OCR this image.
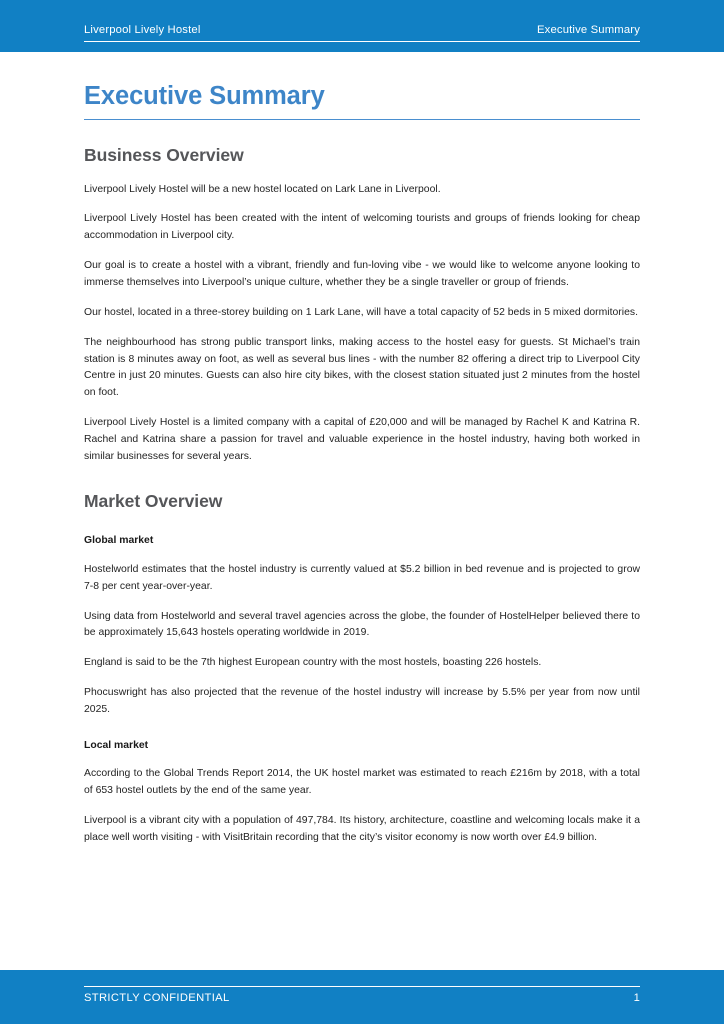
Liverpool Lively Hostel	Executive Summary
Executive Summary
Business Overview

Liverpool Lively Hostel will be a new hostel located on Lark Lane in Liverpool.

Liverpool Lively Hostel has been created with the intent of welcoming tourists and groups of friends looking for cheap accommodation in Liverpool city.

Our goal is to create a hostel with a vibrant, friendly and fun-loving vibe - we would like to welcome anyone looking to immerse themselves into Liverpool’s unique culture, whether they be a single traveller or group of friends.

Our hostel, located in a three-storey building on 1 Lark Lane, will have a total capacity of 52 beds in 5 mixed dormitories.

The neighbourhood has strong public transport links, making access to the hostel easy for guests. St Michael’s train station is 8 minutes away on foot, as well as several bus lines - with the number 82 offering a direct trip to Liverpool City Centre in just 20 minutes. Guests can also hire city bikes, with the closest station situated just 2 minutes from the hostel on foot.

Liverpool Lively Hostel is a limited company with a capital of £20,000 and will be managed by Rachel K and Katrina R. Rachel and Katrina share a passion for travel and valuable experience in the hostel industry, having both worked in similar businesses for several years.

Market Overview
Global market

Hostelworld estimates that the hostel industry is currently valued at $5.2 billion in bed revenue and is projected to grow 7-8 per cent year-over-year.

Using data from Hostelworld and several travel agencies across the globe, the founder of HostelHelper believed there to be approximately 15,643 hostels operating worldwide in 2019.

England is said to be the 7th highest European country with the most hostels, boasting 226 hostels.

Phocuswright has also projected that the revenue of the hostel industry will increase by 5.5% per year from now until 2025.

Local market

According to the Global Trends Report 2014, the UK hostel market was estimated to reach £216m by 2018, with a total of 653 hostel outlets by the end of the same year.

Liverpool is a vibrant city with a population of 497,784. Its history, architecture, coastline and welcoming locals make it a place well worth visiting - with VisitBritain recording that the city’s visitor economy is now worth over £4.9 billion.

STRICTLY CONFIDENTIAL	1
